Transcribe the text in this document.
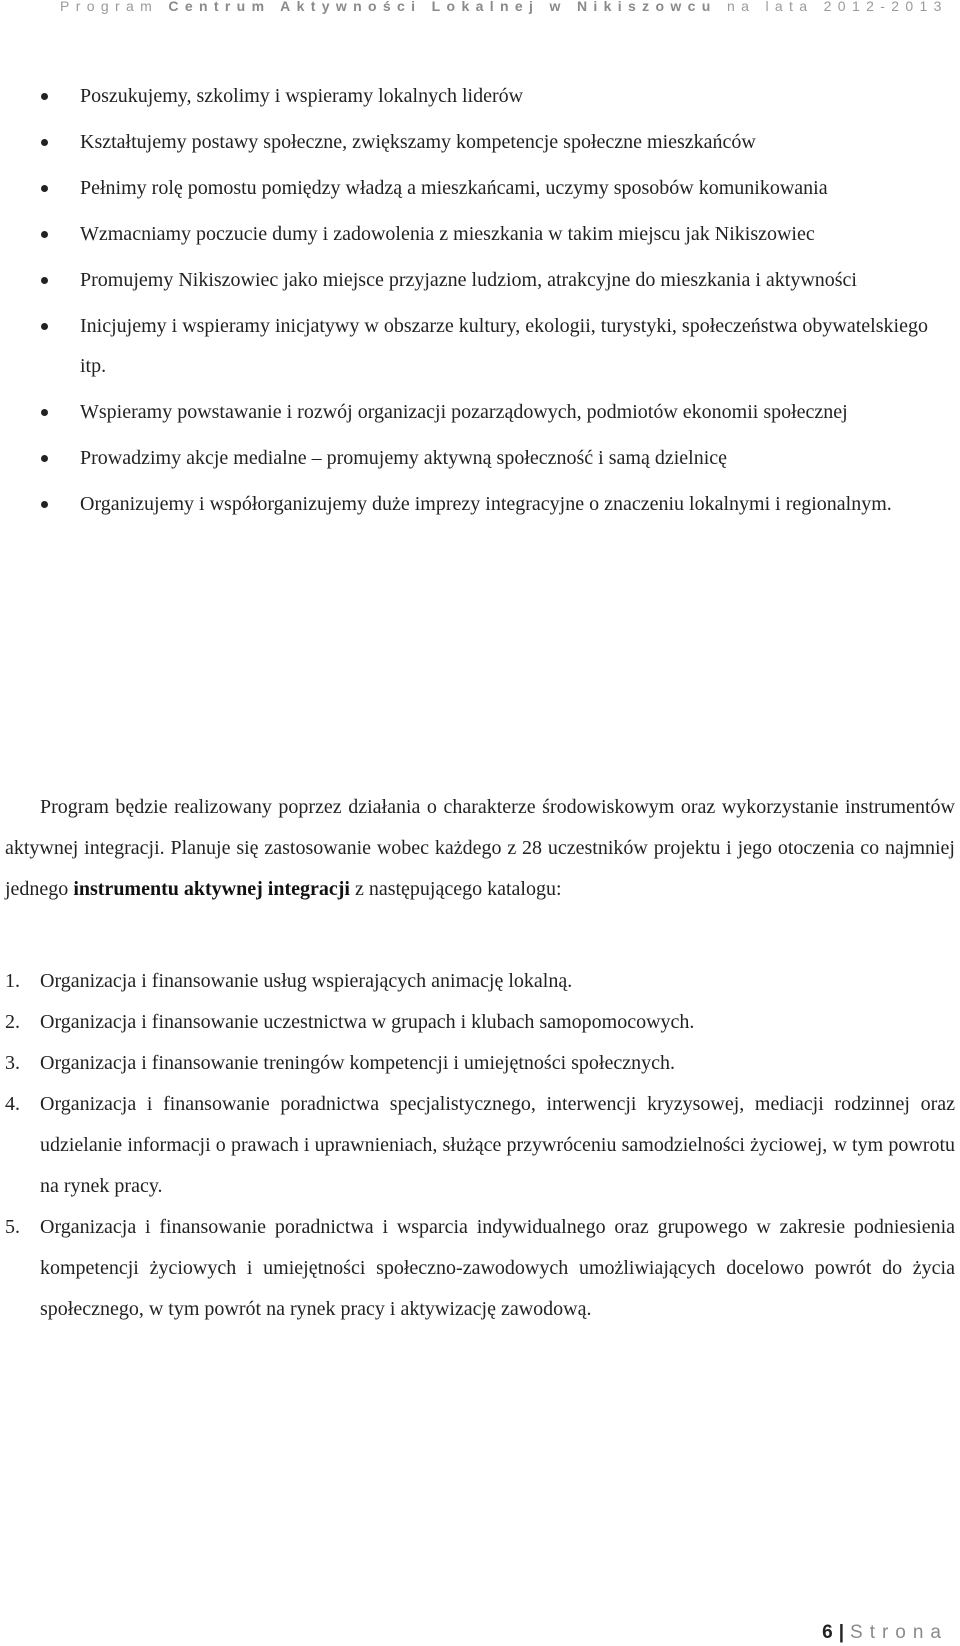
Program Centrum Aktywności Lokalnej w Nikiszowcu na lata 2012-2013
Poszukujemy, szkolimy i wspieramy lokalnych liderów
Kształtujemy postawy społeczne, zwiększamy kompetencje społeczne mieszkańców
Pełnimy rolę pomostu pomiędzy władzą a mieszkańcami, uczymy sposobów komunikowania
Wzmacniamy poczucie dumy i zadowolenia z mieszkania w takim miejscu jak Nikiszowiec
Promujemy Nikiszowiec jako miejsce przyjazne ludziom, atrakcyjne do mieszkania i aktywności
Inicjujemy i wspieramy inicjatywy w obszarze kultury, ekologii, turystyki, społeczeństwa obywatelskiego itp.
Wspieramy powstawanie i rozwój organizacji pozarządowych, podmiotów ekonomii społecznej
Prowadzimy akcje medialne – promujemy aktywną społeczność i samą dzielnicę
Organizujemy i współorganizujemy duże imprezy integracyjne o znaczeniu lokalnymi i regionalnym.

Program będzie realizowany poprzez działania o charakterze środowiskowym oraz wykorzystanie instrumentów aktywnej integracji. Planuje się zastosowanie wobec każdego z 28 uczestników projektu i jego otoczenia co najmniej jednego instrumentu aktywnej integracji z następującego katalogu:

1. Organizacja i finansowanie usług wspierających animację lokalną.
2. Organizacja i finansowanie uczestnictwa w grupach i klubach samopomocowych.
3. Organizacja i finansowanie treningów kompetencji i umiejętności społecznych.
4. Organizacja i finansowanie poradnictwa specjalistycznego, interwencji kryzysowej, mediacji rodzinnej oraz udzielanie informacji o prawach i uprawnieniach, służące przywróceniu samodzielności życiowej, w tym powrotu na rynek pracy.
5. Organizacja i finansowanie poradnictwa i wsparcia indywidualnego oraz grupowego w zakresie podniesienia kompetencji życiowych i umiejętności społeczno-zawodowych umożliwiających docelowo powrót do życia społecznego, w tym powrót na rynek pracy i aktywizację zawodową.
6 | Strona
